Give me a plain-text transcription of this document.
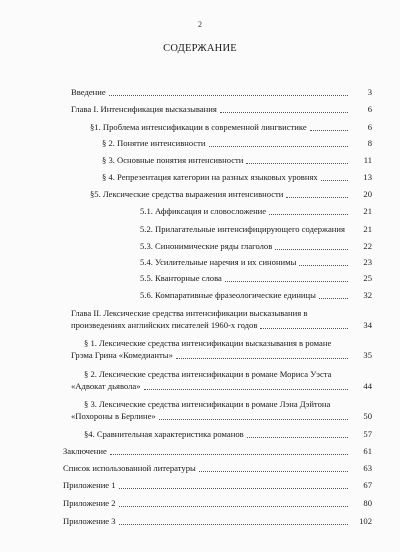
2
СОДЕРЖАНИЕ
Введение	3
Глава I. Интенсификация высказывания	6
§1. Проблема интенсификации в современной лингвистике	6
§ 2. Понятие интенсивности	8
§ 3. Основные понятия интенсивности	11
§ 4. Репрезентация категории на разных языковых уровнях	13
§5. Лексические средства выражения интенсивности	20
5.1. Аффиксация и словосложение	21
5.2. Прилагательные интенсифицирующего содержания	21
5.3. Синонимические ряды глаголов	22
5.4. Усилительные наречия и их синонимы	23
5.5. Кванторные слова	25
5.6. Компаративные фразеологические единицы	32
Глава II. Лексические средства интенсификации высказывания в
произведениях английских писателей 1960-х годов	34
§ 1. Лексические средства интенсификации высказывания в романе
Грэма Грина «Комедианты»	35
§ 2. Лексические средства интенсификации в романе Мориса Уэста
«Адвокат дьявола»	44
§ 3. Лексические средства интенсификации в романе Лэна Дэйтона
«Похороны в Берлине»	50
§4. Сравнительная характеристика романов	57
Заключение	61
Список использованной литературы	63
Приложение 1	67
Приложение 2	80
Приложение 3	102
